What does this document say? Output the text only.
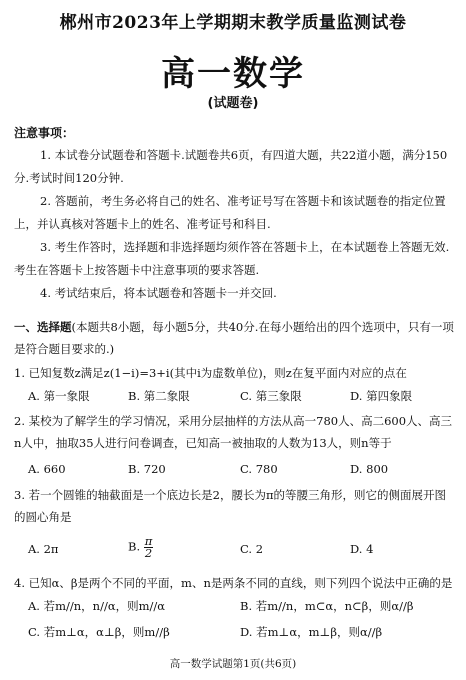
郴州市2023年上学期期末教学质量监测试卷
高一数学
(试题卷)
注意事项：
1. 本试卷分试题卷和答题卡.试题卷共6页，有四道大题，共22道小题，满分150分.考试时间120分钟.
2. 答题前，考生务必将自己的姓名、准考证号写在答题卡和该试题卷的指定位置上，并认真核对答题卡上的姓名、准考证号和科目.
3. 考生作答时，选择题和非选择题均须作答在答题卡上，在本试题卷上答题无效.考生在答题卡上按答题卡中注意事项的要求答题.
4. 考试结束后，将本试题卷和答题卡一并交回.
一、选择题(本题共8小题，每小题5分，共40分.在每小题给出的四个选项中，只有一项是符合题目要求的.)
1. 已知复数z满足z(1−i)=3+i(其中i为虚数单位)，则z在复平面内对应的点在
A. 第一象限	B. 第二象限	C. 第三象限	D. 第四象限
2. 某校为了解学生的学习情况，采用分层抽样的方法从高一780人、高二600人、高三n人中，抽取35人进行问卷调查，已知高一被抽取的人数为13人，则n等于
A. 660	B. 720	C. 780	D. 800
3. 若一个圆锥的轴截面是一个底边长是2，腰长为π的等腰三角形，则它的侧面展开图的圆心角是
A. 2π	B. $\frac{\pi}{2}$	C. 2	D. 4
4. 已知α、β是两个不同的平面，m、n是两条不同的直线，则下列四个说法中正确的是
A. 若m//n，n//α，则m//α	B. 若m//n，m⊂α，n⊂β，则α//β
C. 若m⊥α，α⊥β，则m//β	D. 若m⊥α，m⊥β，则α//β
高一数学试题第1页(共6页)
